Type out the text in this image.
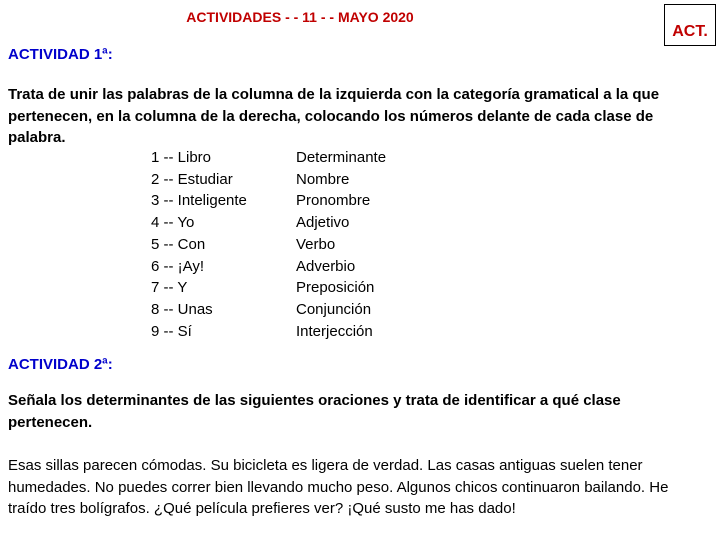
ACTIVIDADES - - 11 - - MAYO 2020
ACT.
ACTIVIDAD 1ª:
Trata de unir las palabras de la columna de la izquierda con la categoría gramatical a la que pertenecen, en la columna de la derecha, colocando los números delante de cada clase de palabra.
1 -- Libro
2 -- Estudiar
3 -- Inteligente
4 -- Yo
5 -- Con
6 -- ¡Ay!
7 -- Y
8 -- Unas
9 -- Sí
Determinante
Nombre
Pronombre
Adjetivo
Verbo
Adverbio
Preposición
Conjunción
Interjección
ACTIVIDAD 2ª:
Señala los determinantes de las siguientes oraciones y trata de identificar a qué clase pertenecen.
Esas sillas parecen cómodas. Su bicicleta es ligera de verdad. Las casas antiguas suelen tener humedades. No puedes correr bien llevando mucho peso. Algunos chicos continuaron bailando. He traído tres bolígrafos. ¿Qué película prefieres ver? ¡Qué susto me has dado!
